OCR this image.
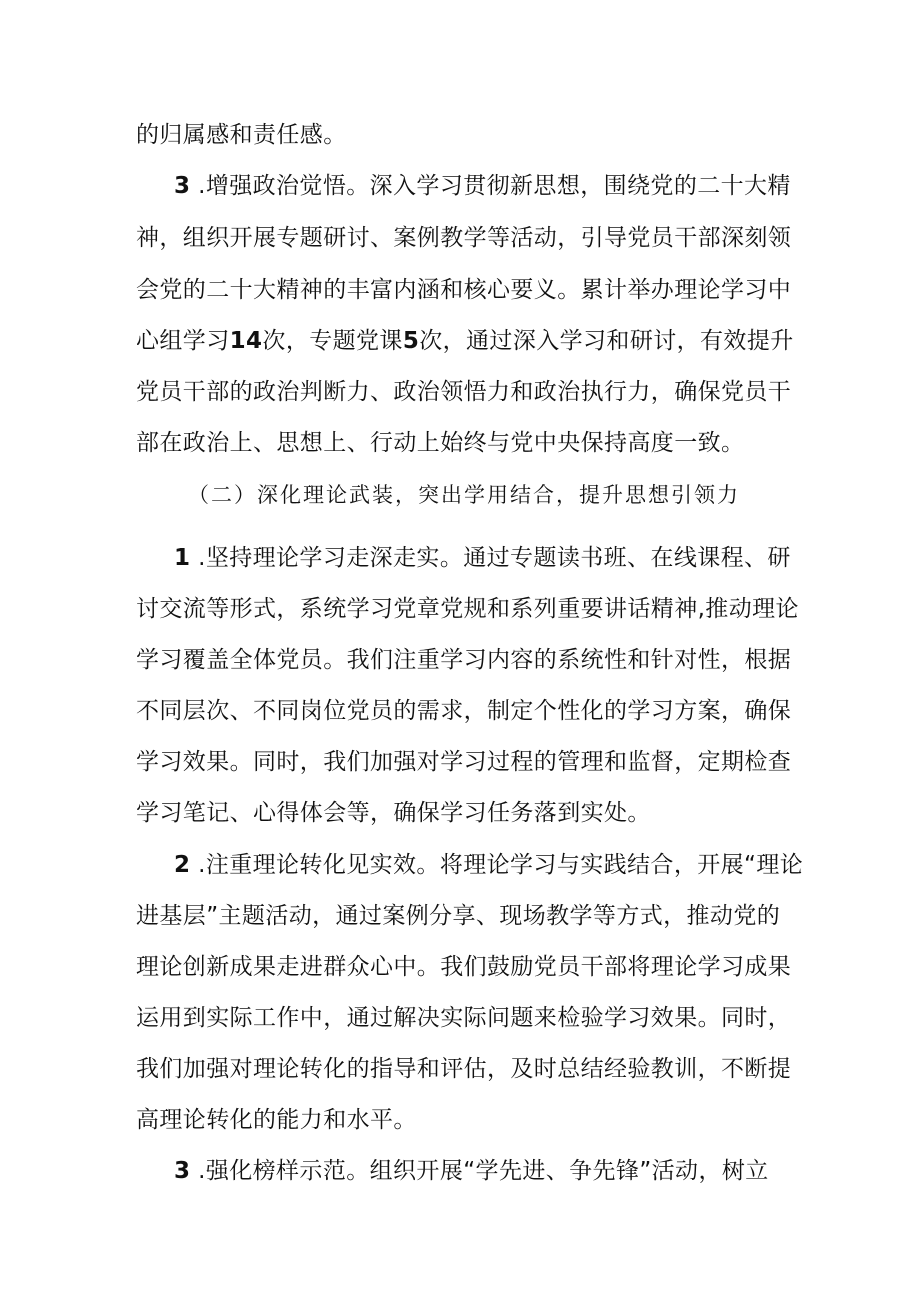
的归属感和责任感。
3 .增强政治觉悟。深入学习贯彻新思想，围绕党的二十大精
神，组织开展专题研讨、案例教学等活动，引导党员干部深刻领
会党的二十大精神的丰富内涵和核心要义。累计举办理论学习中
心组学习14次，专题党课5次，通过深入学习和研讨，有效提升
党员干部的政治判断力、政治领悟力和政治执行力，确保党员干
部在政治上、思想上、行动上始终与党中央保持高度一致。
（二）深化理论武装，突出学用结合，提升思想引领力
1 .坚持理论学习走深走实。通过专题读书班、在线课程、研
讨交流等形式，系统学习党章党规和系列重要讲话精神,推动理论
学习覆盖全体党员。我们注重学习内容的系统性和针对性，根据
不同层次、不同岗位党员的需求，制定个性化的学习方案，确保
学习效果。同时，我们加强对学习过程的管理和监督，定期检查
学习笔记、心得体会等，确保学习任务落到实处。
2 .注重理论转化见实效。将理论学习与实践结合，开展“理论
进基层”主题活动，通过案例分享、现场教学等方式，推动党的
理论创新成果走进群众心中。我们鼓励党员干部将理论学习成果
运用到实际工作中，通过解决实际问题来检验学习效果。同时，
我们加强对理论转化的指导和评估，及时总结经验教训，不断提
高理论转化的能力和水平。
3 .强化榜样示范。组织开展“学先进、争先锋”活动，树立
